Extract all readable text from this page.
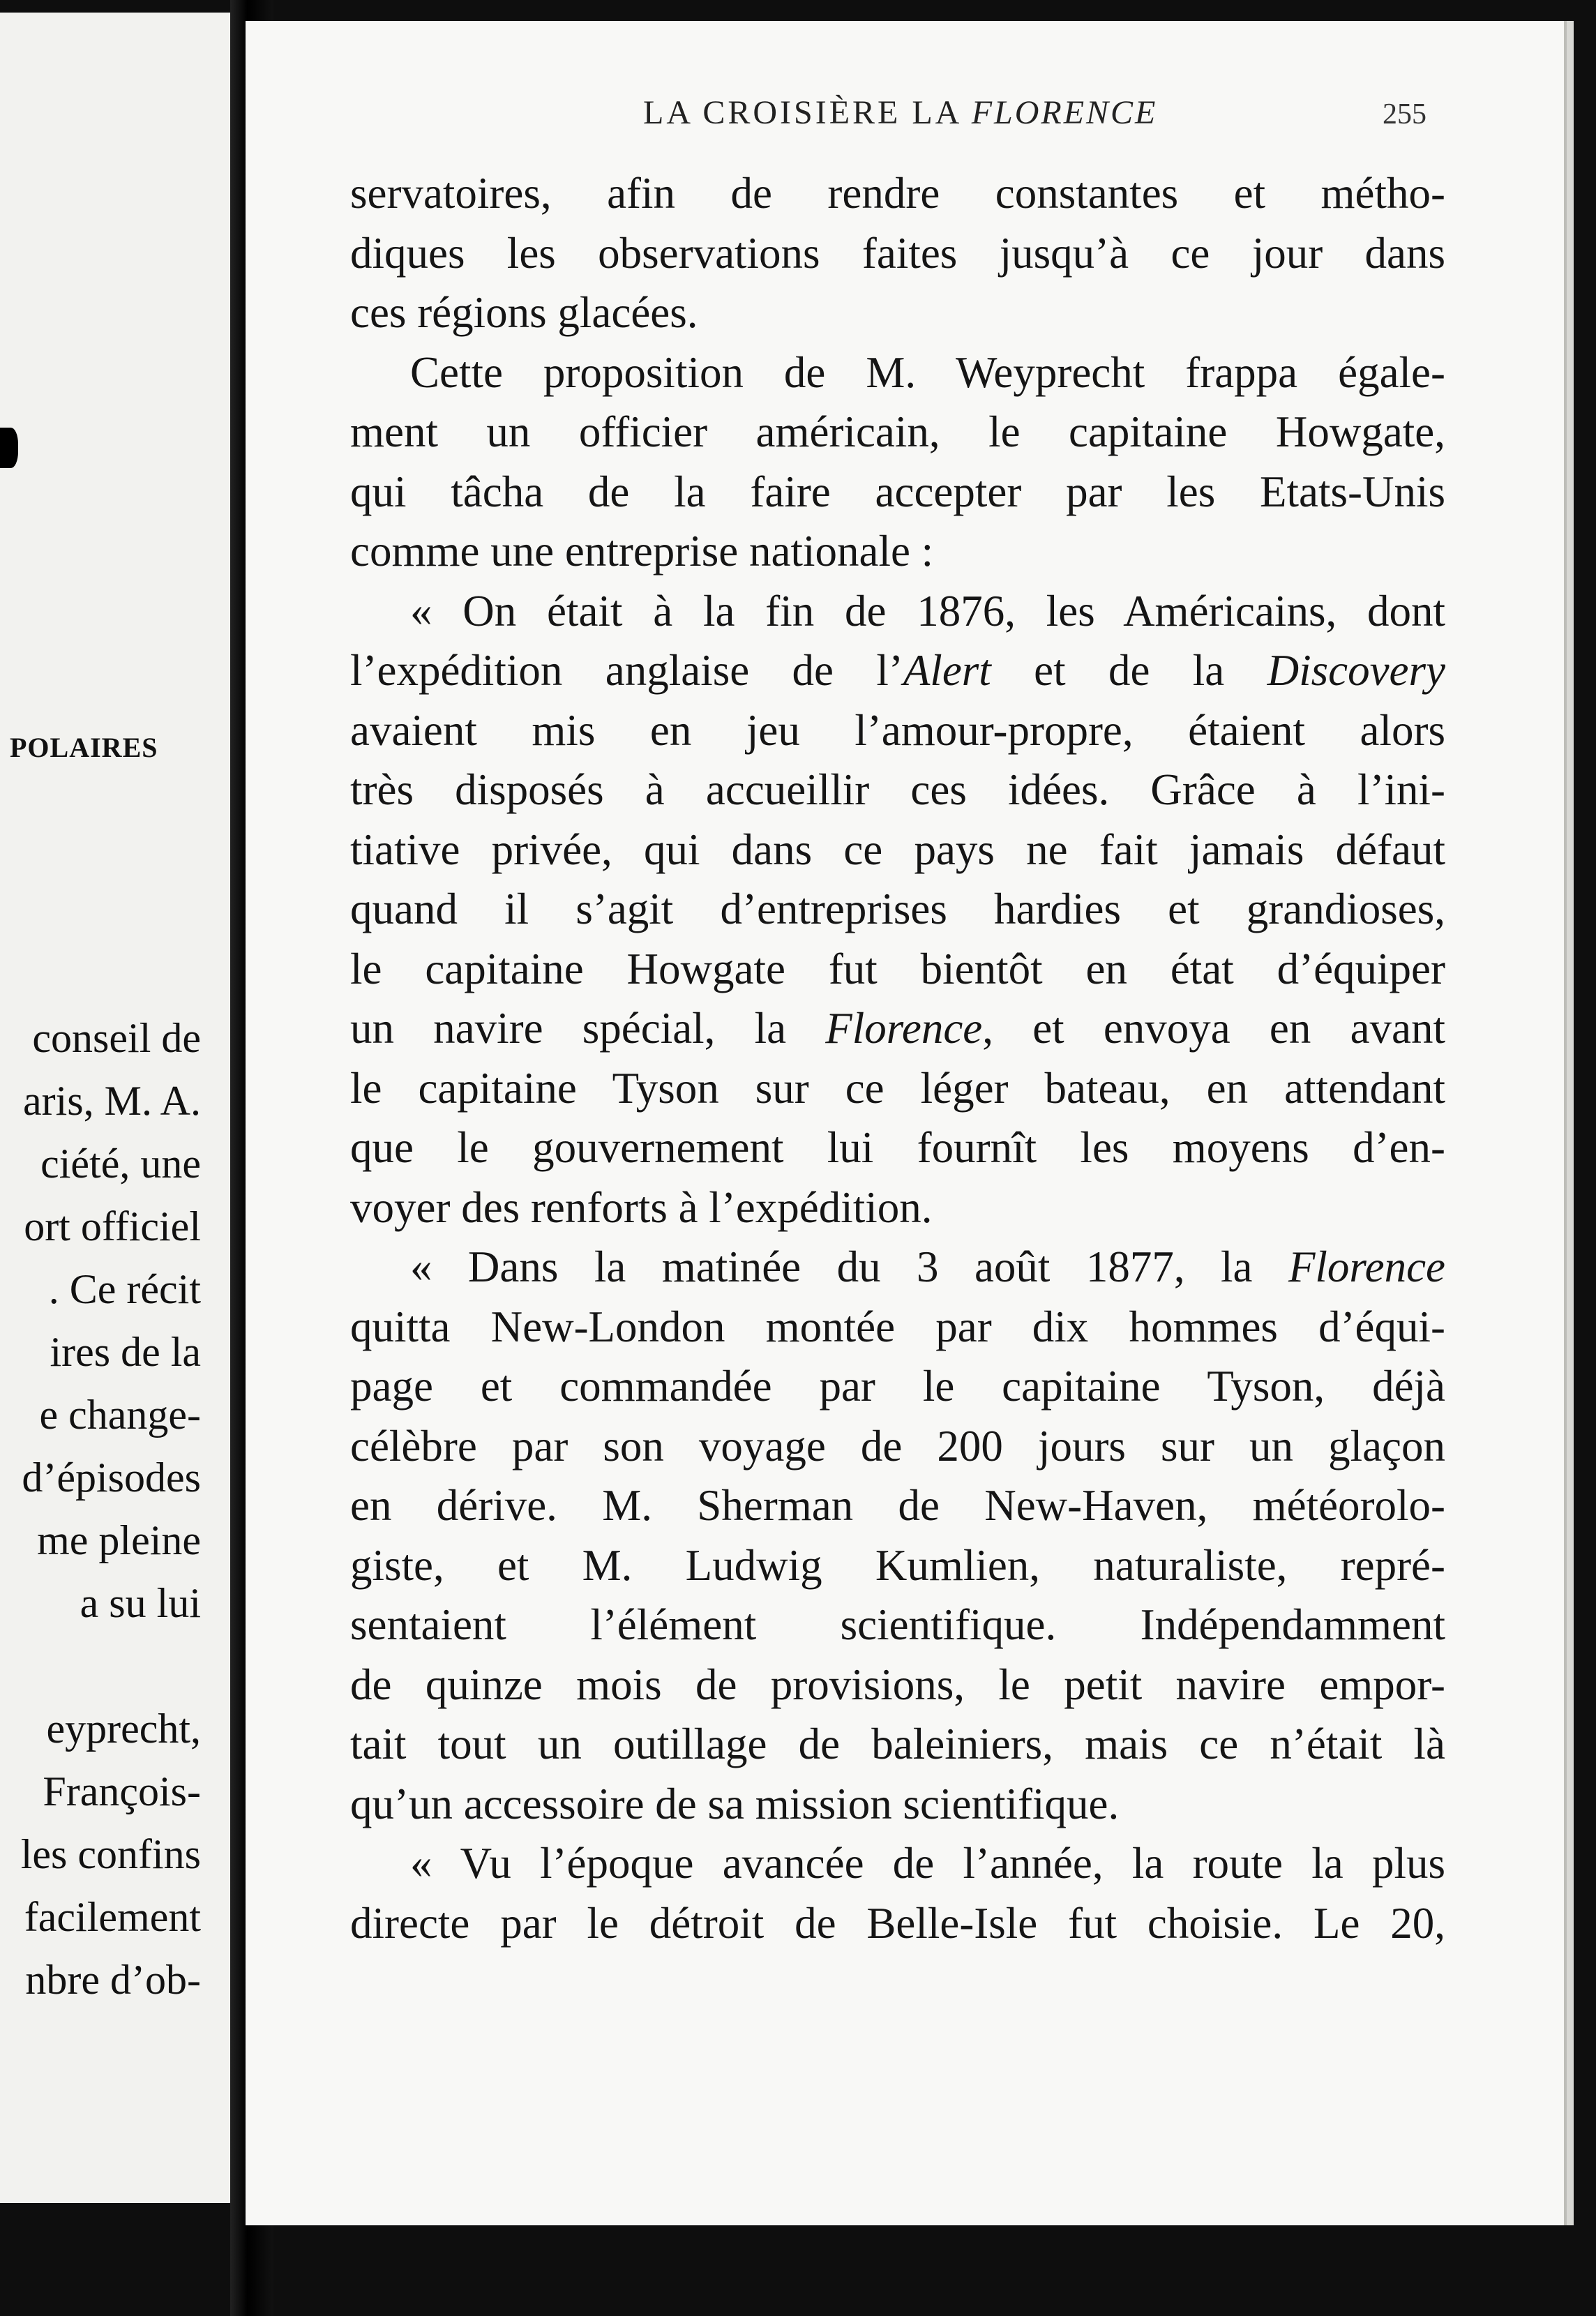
POLAIRES
conseil de
aris, M. A.
ciété, une
ort officiel
. Ce récit
ires de la
e change-
d’épisodes
me pleine
a su lui
eyprecht,
François-
les confins
facilement
nbre d’ob-
LA CROISIÈRE LA FLORENCE	255
servatoires, afin de rendre constantes et métho-
diques les observations faites jusqu’à ce jour dans
ces régions glacées.
Cette proposition de M. Weyprecht frappa égale-
ment un officier américain, le capitaine Howgate,
qui tâcha de la faire accepter par les Etats-Unis
comme une entreprise nationale :
« On était à la fin de 1876, les Américains, dont
l’expédition anglaise de l’Alert et de la Discovery
avaient mis en jeu l’amour-propre, étaient alors
très disposés à accueillir ces idées. Grâce à l’ini-
tiative privée, qui dans ce pays ne fait jamais défaut
quand il s’agit d’entreprises hardies et grandioses,
le capitaine Howgate fut bientôt en état d’équiper
un navire spécial, la Florence, et envoya en avant
le capitaine Tyson sur ce léger bateau, en attendant
que le gouvernement lui fournît les moyens d’en-
voyer des renforts à l’expédition.
« Dans la matinée du 3 août 1877, la Florence
quitta New-London montée par dix hommes d’équi-
page et commandée par le capitaine Tyson, déjà
célèbre par son voyage de 200 jours sur un glaçon
en dérive. M. Sherman de New-Haven, météorolo-
giste, et M. Ludwig Kumlien, naturaliste, repré-
sentaient l’élément scientifique. Indépendamment
de quinze mois de provisions, le petit navire empor-
tait tout un outillage de baleiniers, mais ce n’était là
qu’un accessoire de sa mission scientifique.
« Vu l’époque avancée de l’année, la route la plus
directe par le détroit de Belle-Isle fut choisie. Le 20,
